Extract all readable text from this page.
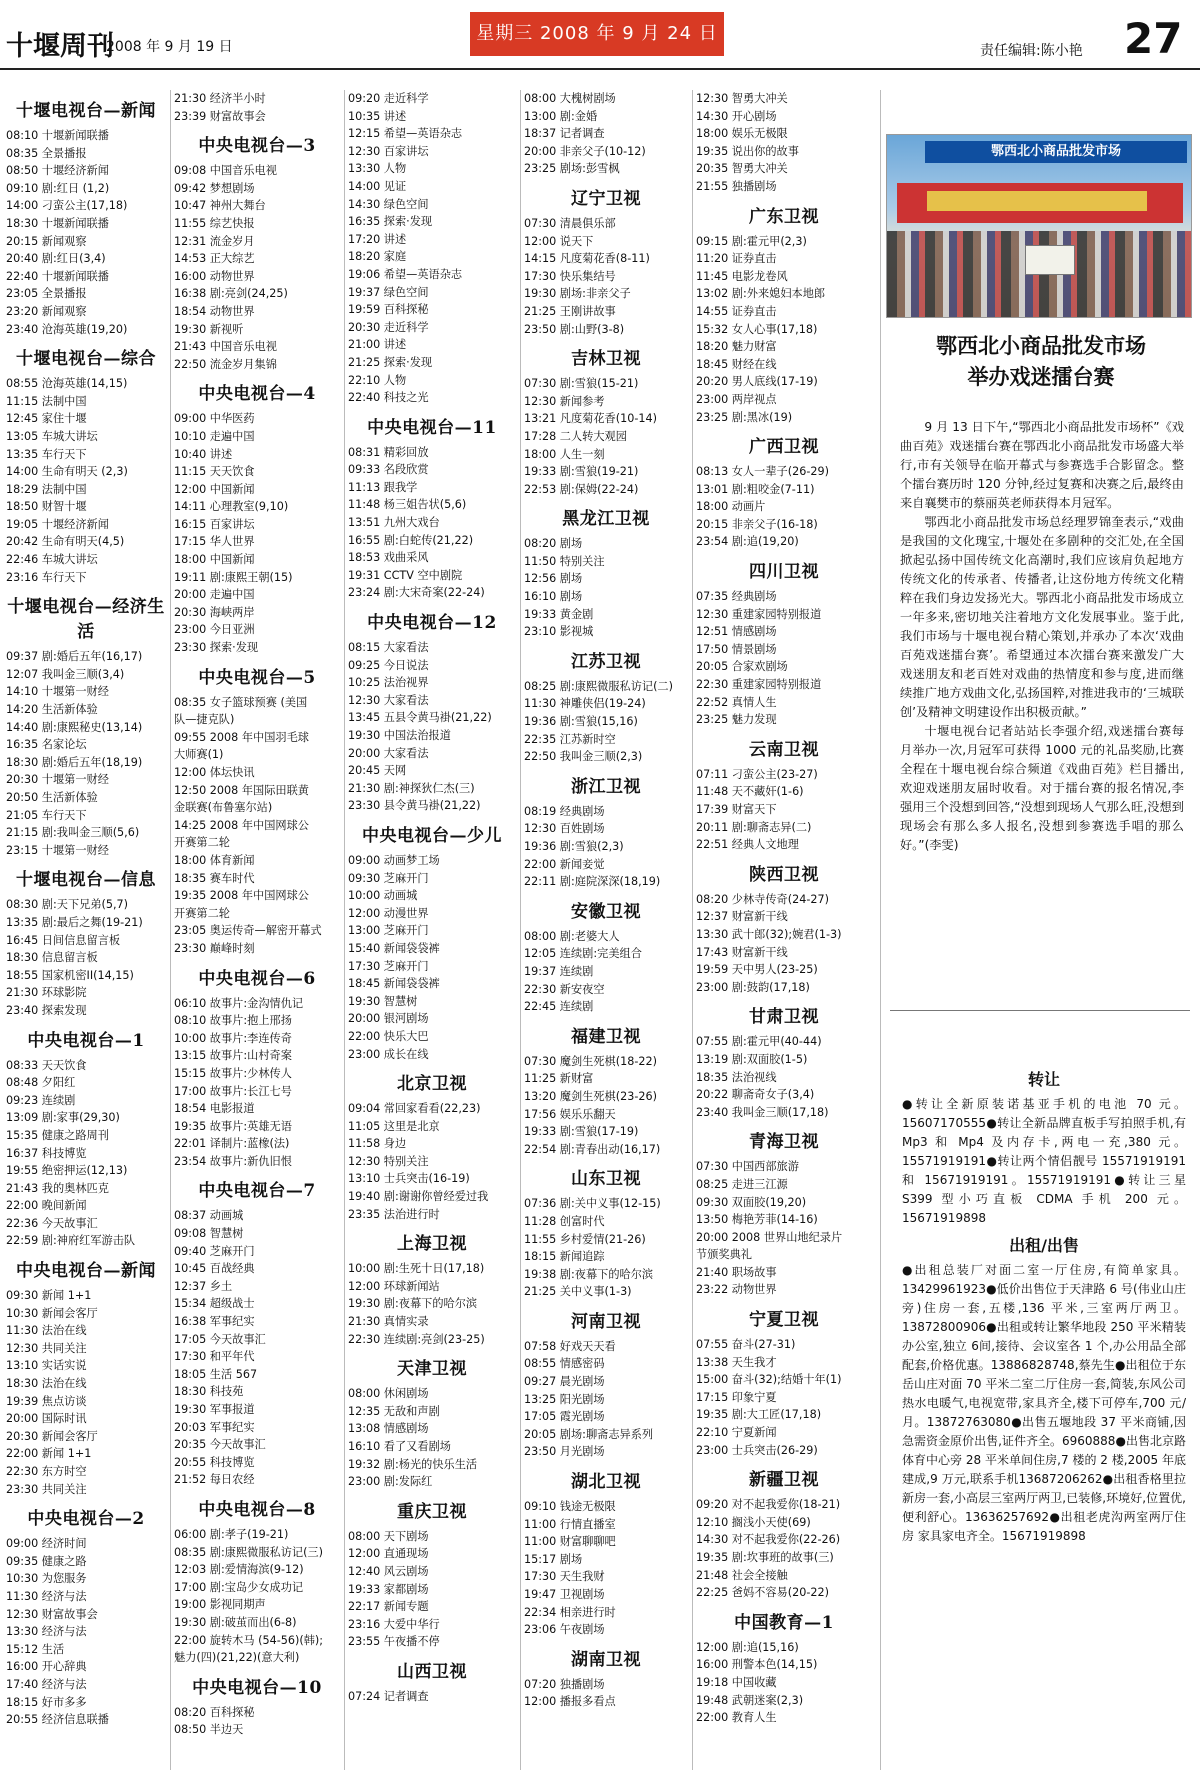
十堰周刊
2008 年 9 月 19 日
星期三 2008 年 9 月 24 日
责任编辑:陈小艳 27
十堰电视台—新闻
08:10 十堰新闻联播
08:35 全景播报
08:50 十堰经济新闻
09:10 剧:红日 (1,2)
14:00 刁蛮公主(17,18)
18:30 十堰新闻联播
20:15 新闻观察
20:40 剧:红日(3,4)
22:40 十堰新闻联播
23:05 全景播报
23:20 新闻观察
23:40 沧海英雄(19,20)
十堰电视台—综合
08:55 沧海英雄(14,15)
11:15 法制中国
12:45 家住十堰
13:05 车城大讲坛
13:35 车行天下
14:00 生命有明天 (2,3)
18:29 法制中国
18:50 财智十堰
19:05 十堰经济新闻
20:42 生命有明天(4,5)
22:46 车城大讲坛
23:16 车行天下
十堰电视台—经济生活
09:37 剧:婚后五年(16,17)
12:07 我叫金三顺(3,4)
14:10 十堰第一财经
14:20 生活新体验
14:40 剧:康熙秘史(13,14)
16:35 名家论坛
18:30 剧:婚后五年(18,19)
20:30 十堰第一财经
20:50 生活新体验
21:05 车行天下
21:15 剧:我叫金三顺(5,6)
23:15 十堰第一财经
十堰电视台—信息
08:30 剧:天下兄弟(5,7)
13:35 剧:最后之舞(19-21)
16:45 日间信息留言板
18:30 信息留言板
18:55 国家机密II(14,15)
21:30 环球影院
23:40 探索发现
中央电视台—1
08:33 天天饮食
08:48 夕阳红
09:23 连续剧
13:09 剧:家事(29,30)
15:35 健康之路周刊
16:37 科技博览
19:55 绝密押运(12,13)
21:43 我的奥林匹克
22:00 晚间新闻
22:36 今天故事汇
22:59 剧:神府红军游击队
中央电视台—新闻
09:30 新闻 1+1
10:30 新闻会客厅
11:30 法治在线
12:30 共同关注
13:10 实话实说
18:30 法治在线
19:39 焦点访谈
20:00 国际时讯
20:30 新闻会客厅
22:00 新闻 1+1
22:30 东方时空
23:30 共同关注
中央电视台—2
09:00 经济时间
09:35 健康之路
10:30 为您服务
11:30 经济与法
12:30 财富故事会
13:30 经济与法
15:12 生活
16:00 开心辞典
17:40 经济与法
18:15 好市多多
20:55 经济信息联播
21:30 经济半小时
23:39 财富故事会
中央电视台—3
09:08 中国音乐电视
09:42 梦想剧场
10:47 神州大舞台
11:55 综艺快报
12:31 流金岁月
14:53 正大综艺
16:00 动物世界
16:38 剧:亮剑(24,25)
18:54 动物世界
19:30 新视听
21:43 中国音乐电视
22:50 流金岁月集锦
中央电视台—4
09:00 中华医药
10:10 走遍中国
10:40 讲述
11:15 天天饮食
12:00 中国新闻
14:11 心理教室(9,10)
16:15 百家讲坛
17:15 华人世界
18:00 中国新闻
19:11 剧:康熙王朝(15)
20:00 走遍中国
20:30 海峡两岸
23:00 今日亚洲
23:30 探索·发现
中央电视台—5
08:35 女子篮球预赛 (美国
队—捷克队)
09:55 2008 年中国羽毛球
大师赛(1)
12:00 体坛快讯
12:50 2008 年国际田联黄
金联赛(布鲁塞尔站)
14:25 2008 年中国网球公
开赛第二轮
18:00 体育新闻
18:35 赛车时代
19:35 2008 年中国网球公
开赛第二轮
23:05 奥运传奇—解密开幕式
23:30 巅峰时刻
中央电视台—6
06:10 故事片:金沟情仇记
08:10 故事片:抱上邢扬
10:00 故事片:李连传奇
13:15 故事片:山村奇案
15:15 故事片:少林传人
17:00 故事片:长江七号
18:54 电影报道
19:35 故事片:英雄无语
22:01 译制片:蓝橡(法)
23:54 故事片:新仇旧恨
中央电视台—7
08:37 动画城
09:08 智慧树
09:40 芝麻开门
10:45 百战经典
12:37 乡土
15:34 超级战士
16:38 军事纪实
17:05 今天故事汇
17:30 和平年代
18:05 生活 567
18:30 科技苑
19:30 军事报道
20:03 军事纪实
20:35 今天故事汇
20:55 科技博览
21:52 每日农经
中央电视台—8
06:00 剧:孝子(19-21)
08:35 剧:康熙微服私访记(三)
12:03 剧:爱情海滨(9-12)
17:00 剧:宝岛少女成功记
19:00 影视同期声
19:30 剧:破茧而出(6-8)
22:00 旋转木马 (54-56)(韩);
魅力(四)(21,22)(意大利)
中央电视台—10
08:20 百科探秘
08:50 半边天
09:20 走近科学
10:35 讲述
12:15 希望—英语杂志
12:30 百家讲坛
13:30 人物
14:00 见证
14:30 绿色空间
16:35 探索·发现
17:20 讲述
18:20 家庭
19:06 希望—英语杂志
19:37 绿色空间
19:59 百科探秘
20:30 走近科学
21:00 讲述
21:25 探索·发现
22:10 人物
22:40 科技之光
中央电视台—11
08:31 精彩回放
09:33 名段欣赏
11:13 跟我学
11:48 杨三姐告状(5,6)
13:51 九州大戏台
16:55 剧:白蛇传(21,22)
18:53 戏曲采风
19:31 CCTV 空中剧院
23:24 剧:大宋奇案(22-24)
中央电视台—12
08:15 大家看法
09:25 今日说法
10:25 法治视界
12:30 大家看法
13:45 五县令黄马褂(21,22)
19:30 中国法治报道
20:00 大家看法
20:45 天网
21:30 剧:神探狄仁杰(三)
23:30 县令黄马褂(21,22)
中央电视台—少儿
09:00 动画梦工场
09:30 芝麻开门
10:00 动画城
12:00 动漫世界
13:00 芝麻开门
15:40 新闻袋袋裤
17:30 芝麻开门
18:45 新闻袋袋裤
19:30 智慧树
20:00 银河剧场
22:00 快乐大巴
23:00 成长在线
北京卫视
09:04 常回家看看(22,23)
11:05 这里是北京
11:58 身边
12:30 特别关注
13:10 士兵突击(16-19)
19:40 剧:谢谢你曾经爱过我
23:35 法治进行时
上海卫视
10:00 剧:生死十日(17,18)
12:00 环球新闻站
19:30 剧:夜幕下的哈尔滨
21:30 真情实录
22:30 连续剧:亮剑(23-25)
天津卫视
08:00 休闲剧场
12:35 无敌和声剧
13:08 情感剧场
16:10 看了又看剧场
19:32 剧:杨光的快乐生活
23:00 剧:发际红
重庆卫视
08:00 天下剧场
12:00 直通现场
12:40 风云剧场
19:33 家都剧场
22:17 新闻专题
23:16 大爱中华行
23:55 午夜播不停
山西卫视
07:24 记者调查
08:00 大槐树剧场
13:00 剧:金婚
18:37 记者调查
20:00 非亲父子(10-12)
23:25 剧场:彭雪枫
辽宁卫视
07:30 清晨俱乐部
12:00 说天下
14:15 凡度菊花香(8-11)
17:30 快乐集结号
19:30 剧场:非亲父子
21:25 王刚讲故事
23:50 剧:山野(3-8)
吉林卫视
07:30 剧:雪狼(15-21)
12:30 新闻参考
13:21 凡度菊花香(10-14)
17:28 二人转大观园
18:00 人生一刻
19:33 剧:雪狼(19-21)
22:53 剧:保姆(22-24)
黑龙江卫视
08:20 剧场
11:50 特别关注
12:56 剧场
16:10 剧场
19:33 黄金剧
23:10 影视城
江苏卫视
08:25 剧:康熙微服私访记(二)
11:30 神雕侠侣(19-24)
19:36 剧:雪狼(15,16)
22:35 江苏新时空
22:50 我叫金三顺(2,3)
浙江卫视
08:19 经典剧场
12:30 百姓剧场
19:36 剧:雪狼(2,3)
22:00 新闻妾觉
22:11 剧:庭院深深(18,19)
安徽卫视
08:00 剧:老婆大人
12:05 连续剧:完美组合
19:37 连续剧
22:30 新安夜空
22:45 连续剧
福建卫视
07:30 魔剑生死棋(18-22)
11:25 新财富
13:20 魔剑生死棋(23-26)
17:56 娱乐乐翻天
19:33 剧:雪狼(17-19)
22:54 剧:青春出动(16,17)
山东卫视
07:36 剧:关中义事(12-15)
11:28 创富时代
11:55 乡村爱情(21-26)
18:15 新闻追踪
19:38 剧:夜幕下的哈尔滨
21:25 关中义事(1-3)
河南卫视
07:58 好戏天天看
08:55 情感密码
09:27 晨光剧场
13:25 阳光剧场
17:05 霞光剧场
20:05 剧场:聊斋志异系列
23:50 月光剧场
湖北卫视
09:10 钱途无极限
11:00 行情直播室
11:00 财富聊聊吧
15:17 剧场
17:30 天生我财
19:47 卫视剧场
22:34 相亲进行时
23:06 午夜剧场
湖南卫视
07:20 独播剧场
12:00 播报多看点
12:30 智勇大冲关
14:30 开心剧场
18:00 娱乐无极限
19:35 说出你的故事
20:35 智勇大冲关
21:55 独播剧场
广东卫视
09:15 剧:霍元甲(2,3)
11:20 证券直击
11:45 电影龙卷风
13:02 剧:外来媳妇本地郎
14:55 证券直击
15:32 女人心事(17,18)
18:20 魅力财富
18:45 财经在线
20:20 男人底线(17-19)
23:00 两岸视点
23:25 剧:黑冰(19)
广西卫视
08:13 女人一辈子(26-29)
13:01 剧:粗咬金(7-11)
18:00 动画片
20:15 非亲父子(16-18)
23:54 剧:追(19,20)
四川卫视
07:35 经典剧场
12:30 重建家园特别报道
12:51 情感剧场
17:50 情景剧场
20:05 合家欢剧场
22:30 重建家园特别报道
22:52 真情人生
23:25 魅力发现
云南卫视
07:11 刁蛮公主(23-27)
11:48 天不藏奸(1-6)
17:39 财富天下
20:11 剧:聊斋志异(二)
22:51 经典人文地理
陕西卫视
08:20 少林寺传奇(24-27)
12:37 财富新干线
13:30 武十郎(32);婉君(1-3)
17:43 财富新干线
19:59 天中男人(23-25)
23:00 剧:鼓韵(17,18)
甘肃卫视
07:55 剧:霍元甲(40-44)
13:19 剧:双面胶(1-5)
18:35 法治视线
20:22 聊斋奇女子(3,4)
23:40 我叫金三顺(17,18)
青海卫视
07:30 中国西部旅游
08:25 走进三江源
09:30 双面胶(19,20)
13:50 梅艳芳菲(14-16)
20:00 2008 世界山地纪录片
节颁奖典礼
21:40 职场故事
23:22 动物世界
宁夏卫视
07:55 奋斗(27-31)
13:38 天生我才
15:00 奋斗(32);结婚十年(1)
17:15 印象宁夏
19:35 剧:大工匠(17,18)
22:10 宁夏新闻
23:00 士兵突击(26-29)
新疆卫视
09:20 对不起我爱你(18-21)
12:10 搁浅小天使(69)
14:30 对不起我爱你(22-26)
19:35 剧:坎事班的故事(三)
21:48 社会全接触
22:25 爸妈不容易(20-22)
中国教育—1
12:00 剧:追(15,16)
16:00 刑警本色(14,15)
19:18 中国收藏
19:48 武朝迷案(2,3)
22:00 教育人生
鄂西北小商品批发市场
鄂西北小商品批发市场
举办戏迷擂台赛

9 月 13 日下午,“鄂西北小商品批发市场杯”《戏曲百苑》戏迷擂台赛在鄂西北小商品批发市场盛大举行,市有关领导在临开幕式与参赛选手合影留念。整个擂台赛历时 120 分钟,经过复赛和决赛之后,最终由来自襄樊市的蔡丽英老师获得本月冠军。

鄂西北小商品批发市场总经理罗锦奎表示,“戏曲是我国的文化瑰宝,十堰处在多剧种的交汇处,在全国掀起弘扬中国传统文化高潮时,我们应该肩负起地方传统文化的传承者、传播者,让这份地方传统文化精粹在我们身边发扬光大。鄂西北小商品批发市场成立一年多来,密切地关注着地方文化发展事业。鉴于此,我们市场与十堰电视台精心策划,并承办了本次‘戏曲百苑戏迷擂台赛’。希望通过本次擂台赛来激发广大戏迷朋友和老百姓对戏曲的热情度和参与度,进而继续推广地方戏曲文化,弘扬国粹,对推进我市的‘三城联创’及精神文明建设作出积极贡献。”

十堰电视台记者站站长李强介绍,戏迷擂台赛每月举办一次,月冠军可获得 1000 元的礼品奖励,比赛全程在十堰电视台综合频道《戏曲百苑》栏目播出,欢迎戏迷朋友届时收看。对于擂台赛的报名情况,李强用三个没想到回答,“没想到现场人气那么旺,没想到现场会有那么多人报名,没想到参赛选手唱的那么好。”(李雯)

转让
●转让全新原装诺基亚手机的电池 70 元。15607170555●转让全新品牌直板手写拍照手机,有 Mp3 和 Mp4 及内存卡,两电一充,380 元。15571919191●转让两个情侣靓号 15571919191 和 15671919191。15571919191●转让三星 S399 型小巧直板 CDMA 手机 200 元。15671919898
出租/出售
●出租总装厂对面二室一厅住房,有简单家具。13429961923●低价出售位于天津路 6 号(伟业山庄旁)住房一套,五楼,136 平米,三室两厅两卫。13872800906●出租或转让繁华地段 250 平米精装办公室,独立 6间,接待、会议室各 1 个,办公用品全部配套,价格优惠。13886828748,蔡先生●出租位于东岳山庄对面 70 平米二室二厅住房一套,简装,东风公司热水电暖气,电视宽带,家具齐全,楼下可停车,700 元/月。13872763080●出售五堰地段 37 平米商铺,因急需资金原价出售,证件齐全。6960888●出售北京路体育中心旁 28 平米单间住房,7 楼的 2 楼,2005 年底建成,9 万元,联系手机13687206262●出租香格里拉新房一套,小高层三室两厅两卫,已装修,环境好,位置优,便利舒心。13636257692●出租老虎沟两室两厅住房 家具家电齐全。15671919898
